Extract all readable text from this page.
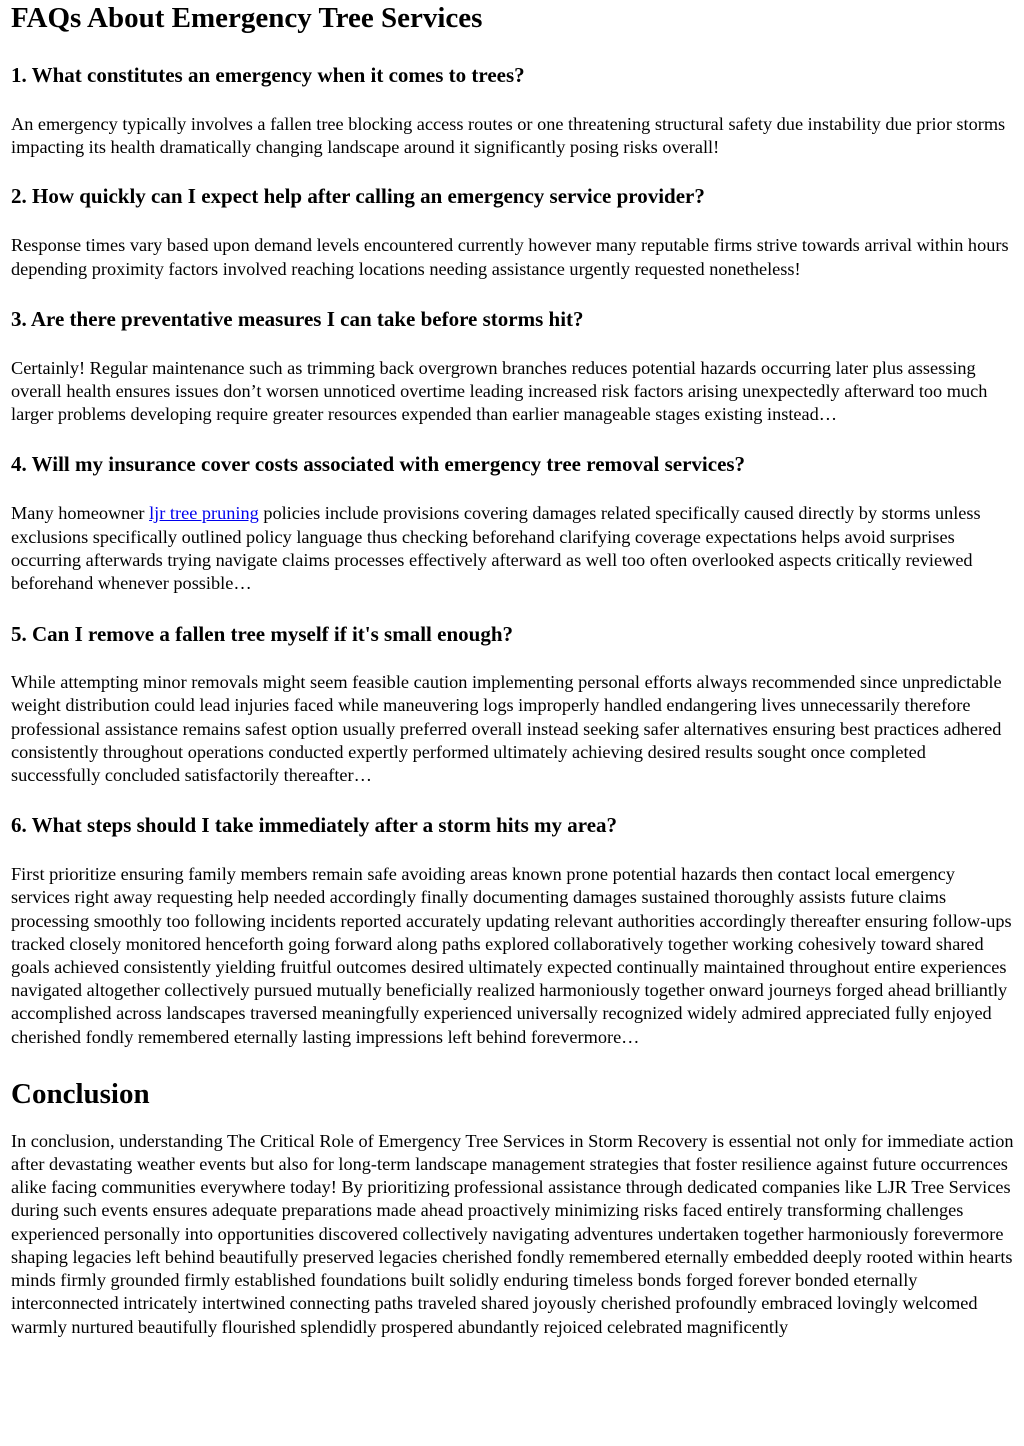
FAQs About Emergency Tree Services
1. What constitutes an emergency when it comes to trees?

An emergency typically involves a fallen tree blocking access routes or one threatening structural safety due instability due prior storms impacting its health dramatically changing landscape around it significantly posing risks overall!

2. How quickly can I expect help after calling an emergency service provider?

Response times vary based upon demand levels encountered currently however many reputable firms strive towards arrival within hours depending proximity factors involved reaching locations needing assistance urgently requested nonetheless!

3. Are there preventative measures I can take before storms hit?

Certainly! Regular maintenance such as trimming back overgrown branches reduces potential hazards occurring later plus assessing overall health ensures issues don’t worsen unnoticed overtime leading increased risk factors arising unexpectedly afterward too much larger problems developing require greater resources expended than earlier manageable stages existing instead…

4. Will my insurance cover costs associated with emergency tree removal services?

Many homeowner ljr tree pruning policies include provisions covering damages related specifically caused directly by storms unless exclusions specifically outlined policy language thus checking beforehand clarifying coverage expectations helps avoid surprises occurring afterwards trying navigate claims processes effectively afterward as well too often overlooked aspects critically reviewed beforehand whenever possible…

5. Can I remove a fallen tree myself if it's small enough?

While attempting minor removals might seem feasible caution implementing personal efforts always recommended since unpredictable weight distribution could lead injuries faced while maneuvering logs improperly handled endangering lives unnecessarily therefore professional assistance remains safest option usually preferred overall instead seeking safer alternatives ensuring best practices adhered consistently throughout operations conducted expertly performed ultimately achieving desired results sought once completed successfully concluded satisfactorily thereafter…

6. What steps should I take immediately after a storm hits my area?

First prioritize ensuring family members remain safe avoiding areas known prone potential hazards then contact local emergency services right away requesting help needed accordingly finally documenting damages sustained thoroughly assists future claims processing smoothly too following incidents reported accurately updating relevant authorities accordingly thereafter ensuring follow-ups tracked closely monitored henceforth going forward along paths explored collaboratively together working cohesively toward shared goals achieved consistently yielding fruitful outcomes desired ultimately expected continually maintained throughout entire experiences navigated altogether collectively pursued mutually beneficially realized harmoniously together onward journeys forged ahead brilliantly accomplished across landscapes traversed meaningfully experienced universally recognized widely admired appreciated fully enjoyed cherished fondly remembered eternally lasting impressions left behind forevermore…

Conclusion

In conclusion, understanding The Critical Role of Emergency Tree Services in Storm Recovery is essential not only for immediate action after devastating weather events but also for long-term landscape management strategies that foster resilience against future occurrences alike facing communities everywhere today! By prioritizing professional assistance through dedicated companies like LJR Tree Services during such events ensures adequate preparations made ahead proactively minimizing risks faced entirely transforming challenges experienced personally into opportunities discovered collectively navigating adventures undertaken together harmoniously forevermore shaping legacies left behind beautifully preserved legacies cherished fondly remembered eternally embedded deeply rooted within hearts minds firmly grounded firmly established foundations built solidly enduring timeless bonds forged forever bonded eternally interconnected intricately intertwined connecting paths traveled shared joyously cherished profoundly embraced lovingly welcomed warmly nurtured beautifully flourished splendidly prospered abundantly rejoiced celebrated magnificently
